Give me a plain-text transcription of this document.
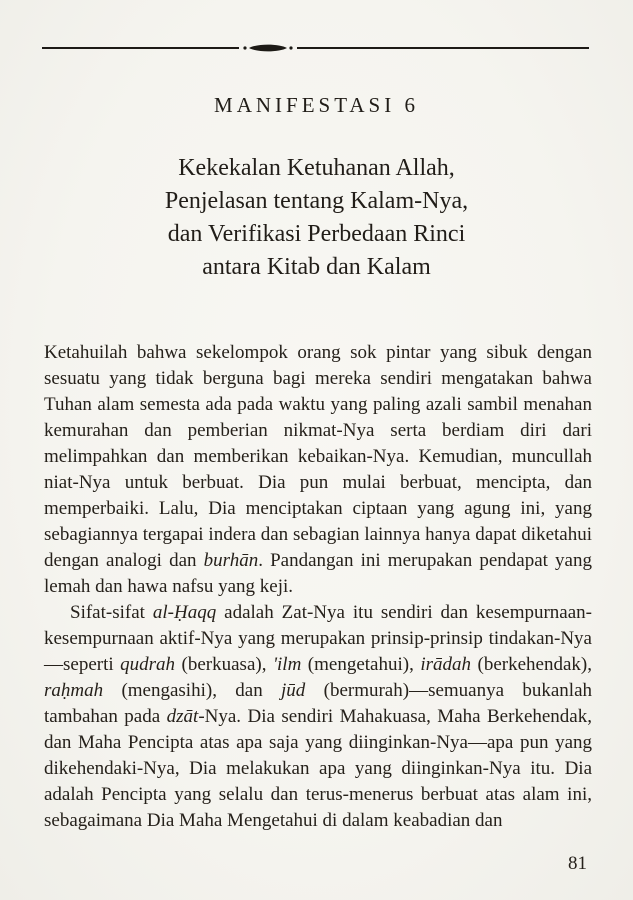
MANIFESTASI 6
Kekekalan Ketuhanan Allah,
Penjelasan tentang Kalam-Nya,
dan Verifikasi Perbedaan Rinci
antara Kitab dan Kalam

Ketahuilah bahwa sekelompok orang sok pintar yang sibuk dengan sesuatu yang tidak berguna bagi mereka sendiri mengatakan bahwa Tuhan alam semesta ada pada waktu yang paling azali sambil menahan kemurahan dan pemberian nikmat-Nya serta berdiam diri dari melimpahkan dan memberikan kebaikan-Nya. Kemudian, muncullah niat-Nya untuk berbuat. Dia pun mulai berbuat, mencipta, dan memperbaiki. Lalu, Dia menciptakan ciptaan yang agung ini, yang sebagiannya tergapai indera dan sebagian lainnya hanya dapat diketahui dengan analogi dan burhān. Pandangan ini merupakan pendapat yang lemah dan hawa nafsu yang keji.

Sifat-sifat al-Ḥaqq adalah Zat-Nya itu sendiri dan kesempurnaan-kesempurnaan aktif-Nya yang merupakan prinsip-prinsip tindakan-Nya—seperti qudrah (berkuasa), 'ilm (mengetahui), irādah (berkehendak), raḥmah (mengasihi), dan jūd (bermurah)—semuanya bukanlah tambahan pada dzāt-Nya. Dia sendiri Mahakuasa, Maha Berkehendak, dan Maha Pencipta atas apa saja yang diinginkan-Nya—apa pun yang dikehendaki-Nya, Dia melakukan apa yang diinginkan-Nya itu. Dia adalah Pencipta yang selalu dan terus-menerus berbuat atas alam ini, sebagaimana Dia Maha Mengetahui di dalam keabadian dan

81
